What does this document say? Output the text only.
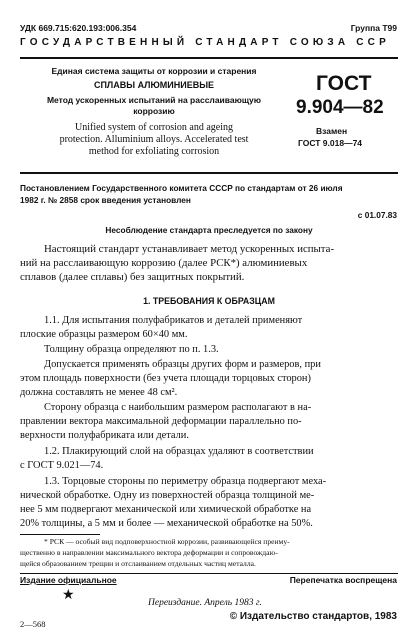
УДК 669.715:620.193:006.354	Группа Т99
ГОСУДАРСТВЕННЫЙ СТАНДАРТ СОЮЗА ССР
Единая система защиты от коррозии и старения
СПЛАВЫ АЛЮМИНИЕВЫЕ
Метод ускоренных испытаний на расслаивающую
коррозию
Unified system of corrosion and ageing
protection. Alluminium alloys. Accelerated test
method for exfoliating corrosion
ГОСТ
9.904—82
Взамен
ГОСТ 9.018—74
Постановлением Государственного комитета СССР по стандартам от 26 июля
1982 г. № 2858 срок введения установлен
с 01.07.83
Несоблюдение стандарта преследуется по закону
Настоящий стандарт устанавливает метод ускоренных испыта-
ний на расслаивающую коррозию (далее РСК*) алюминиевых
сплавов (далее сплавы) без защитных покрытий.
1. ТРЕБОВАНИЯ К ОБРАЗЦАМ
1.1. Для испытания полуфабрикатов и деталей применяют
плоские образцы размером 60×40 мм.
Толщину образца определяют по п. 1.3.
Допускается применять образцы других форм и размеров, при
этом площадь поверхности (без учета площади торцовых сторон)
должна составлять не менее 48 см².
Сторону образца с наибольшим размером располагают в на-
правлении вектора максимальной деформации параллельно по-
верхности полуфабриката или детали.
1.2. Плакирующий слой на образцах удаляют в соответствии
с ГОСТ 9.021—74.
1.3. Торцовые стороны по периметру образца подвергают меха-
нической обработке. Одну из поверхностей образца толщиной ме-
нее 5 мм подвергают механической или химической обработке на
20% толщины, а 5 мм и более — механической обработке на 50%.
* РСК — особый вид подповерхностной коррозии, развивающейся преиму-
щественно в направлении максимального вектора деформации и сопровождаю-
щейся образованием трещин и отслаиванием отдельных частиц металла.
Издание официальное	Перепечатка воспрещена
★	Переиздание. Апрель 1983 г.
© Издательство стандартов, 1983
2—568
